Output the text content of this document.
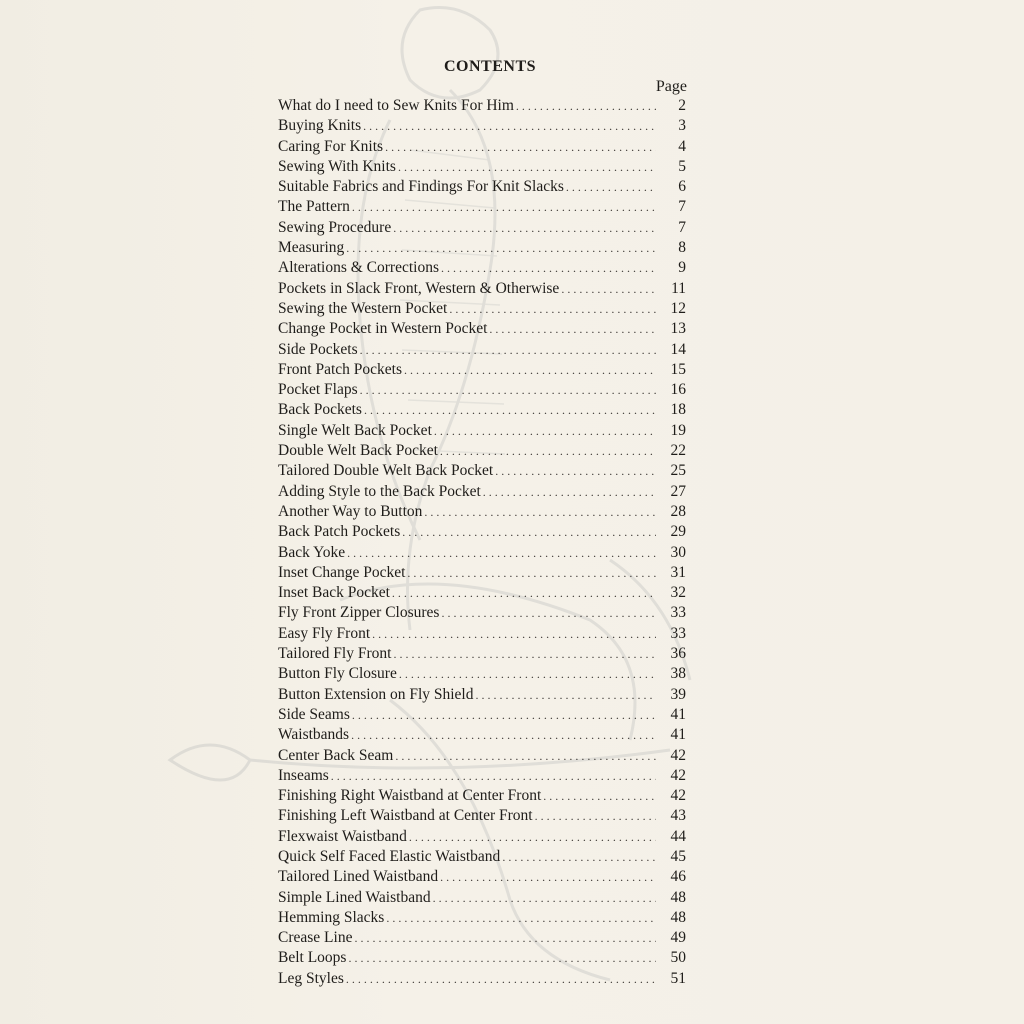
CONTENTS
Page
What do I need to Sew Knits For Him .....	2
Buying Knits .....	3
Caring For Knits .....	4
Sewing With Knits .....	5
Suitable Fabrics and Findings For Knit Slacks .....	6
The Pattern .....	7
Sewing Procedure .....	7
Measuring .....	8
Alterations & Corrections .....	9
Pockets in Slack Front, Western & Otherwise .....	11
Sewing the Western Pocket .....	12
Change Pocket in Western Pocket .....	13
Side Pockets .....	14
Front Patch Pockets .....	15
Pocket Flaps .....	16
Back Pockets .....	18
Single Welt Back Pocket .....	19
Double Welt Back Pocket .....	22
Tailored Double Welt Back Pocket .....	25
Adding Style to the Back Pocket .....	27
Another Way to Button .....	28
Back Patch Pockets .....	29
Back Yoke .....	30
Inset Change Pocket .....	31
Inset Back Pocket .....	32
Fly Front Zipper Closures .....	33
Easy Fly Front .....	33
Tailored Fly Front .....	36
Button Fly Closure .....	38
Button Extension on Fly Shield .....	39
Side Seams .....	41
Waistbands .....	41
Center Back Seam .....	42
Inseams .....	42
Finishing Right Waistband at Center Front .....	42
Finishing Left Waistband at Center Front .....	43
Flexwaist Waistband .....	44
Quick Self Faced Elastic Waistband .....	45
Tailored Lined Waistband .....	46
Simple Lined Waistband .....	48
Hemming Slacks .....	48
Crease Line .....	49
Belt Loops .....	50
Leg Styles .....	51
